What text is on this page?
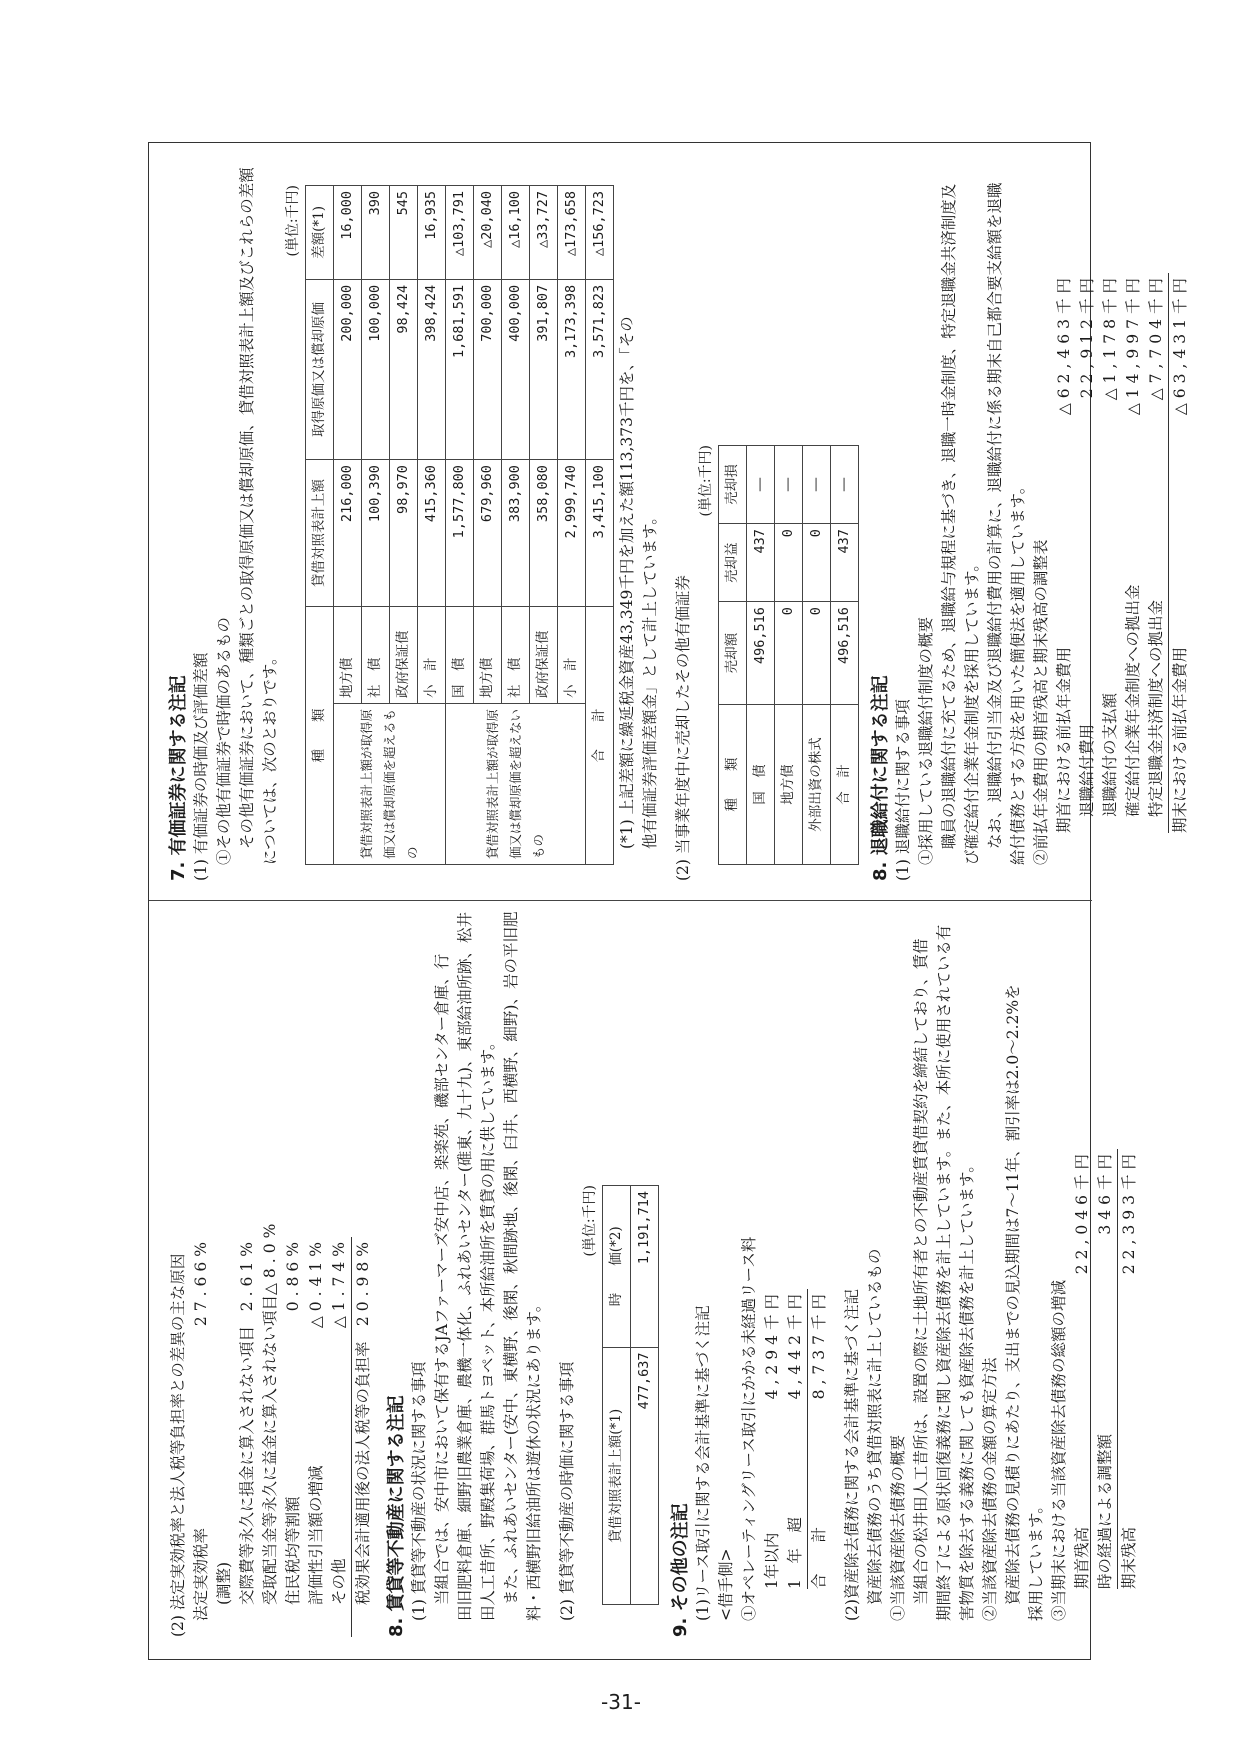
(2) 法定実効税率と法人税等負担率との差異の主な原因 法定実効税率
27.66%
(調整) 交際費等永久に損金に算入されない項目
2.61%
受取配当金等永久に益金に算入されない項目
△8.0%
住民税均等割額
0.86%
評価性引当額の増減
△0.41%
その他
△1.74%
税効果会計適用後の法人税等の負担率
20.98%
8. 賃貸等不動産に関する注記 (1) 賃貸等不動産の状況に関する事項 当組合では、安中市において保有するJAファーマーズ安中店、楽楽苑、磯部センター倉庫、行 田旧肥料倉庫、細野旧農業倉庫、農機一体化、ふれあいセンター(碓東、九十九)、東部給油所跡、松井 田人工昔所、野殿集荷場、群馬トヨペット、本所給油所を賃貸の用に供しています。 また、ふれあいセンター(安中、東横野、後閑、秋間跡地、後閑、臼井、西横野、細野)、岩の平旧肥 料・西横野旧給油所は遊休の状況にあります。 (2) 賃貸等不動産の時価に関する事項
(単位:千円)
貸借対照表計上額(*1)	時　　価(*2)
477,637	1,191,714
9. その他の注記 (1)リース取引に関する会計基準に基づく注記 <借手側> ①オペレーティングリース取引にかかる未経過リース料 1年以内
4,294千円
1　年　超
4,442千円
合　　計
8,737千円 (2)資産除去債務に関する会計基準に基づく注記 資産除去債務のうち貸借対照表に計上しているもの ①当該資産除去債務の概要 当組合の松井田人工昔所は、設置の際に土地所有者との不動産賃貸借契約を締結しており、賃借 期間終了による原状回復義務に関し資産除去債務を計上しています。また、本所に使用されている有 害物質を除去する義務に関しても資産除去債務を計上しています。 ②当該資産除去債務の金額の算定方法 資産除去債務の見積りにあたり、支出までの見込期間は7～11年、割引率は2.0～2.2%を 採用しています。 ③当期末における当該資産除去債務の総額の増減 期首残高
22,046千円
時の経過による調整額
346千円
期末残高
22,393千円
7. 有価証券に関する注記 (1) 有価証券の時価及び評価差額 ①その他有価証券で時価のあるもの その他有価証券において、種類ごとの取得原価又は償却原価、貸借対照表計上額及びこれらの差額 については、次のとおりです。
(単位:千円)
種　　類		貸借対照表計上額	取得原価又は償却原価	差額(*1)
貸借対照表計上額が取得原価又は償却原価を超えるもの	地方債	216,000	200,000	16,000
	社　債	100,390	100,000	390
	政府保証債	98,970	98,424	545
	小　計	415,360	398,424	16,935
貸借対照表計上額が取得原価又は償却原価を超えないもの	国　債	1,577,800	1,681,591	△103,791
	地方債	679,960	700,000	△20,040
	社　債	383,900	400,000	△16,100
	政府保証債	358,080	391,807	△33,727
	小　計	2,999,740	3,173,398	△173,658
合　　計		3,415,100	3,571,823	△156,723
(*1) 上記差額に繰延税金資産43,349千円を加えた額113,373千円を、「その 他有価証券評価差額金」として計上しています。 (2) 当事業年度中に売却したその他有価証券
(単位:千円)
種　　類	売却額	売却益	売却損
国　債	496,516	437	―
地方債	0	0	―
外部出資の株式	0	0	―
合　計	496,516	437	―
8. 退職給付に関する注記 (1) 退職給付に関する事項 ①採用している退職給付制度の概要 職員の退職給付に充てるため、退職給与規程に基づき、退職一時金制度、特定退職金共済制度及 び確定給付企業年金制度を採用しています。 なお、退職給付引当金及び退職給付費用の計算に、退職給付に係る期末自己都合要支給額を退職 給付債務とする方法を用いた簡便法を適用しています。 ②前払年金費用の期首残高と期末残高の調整表 期首における前払年金費用
△62,463千円
退職給付費用
22,912千円
退職給付の支払額
△1,178千円
確定給付企業年金制度への拠出金
△14,997千円
特定退職金共済制度への拠出金
△7,704千円
期末における前払年金費用
△63,431千円
-31-
